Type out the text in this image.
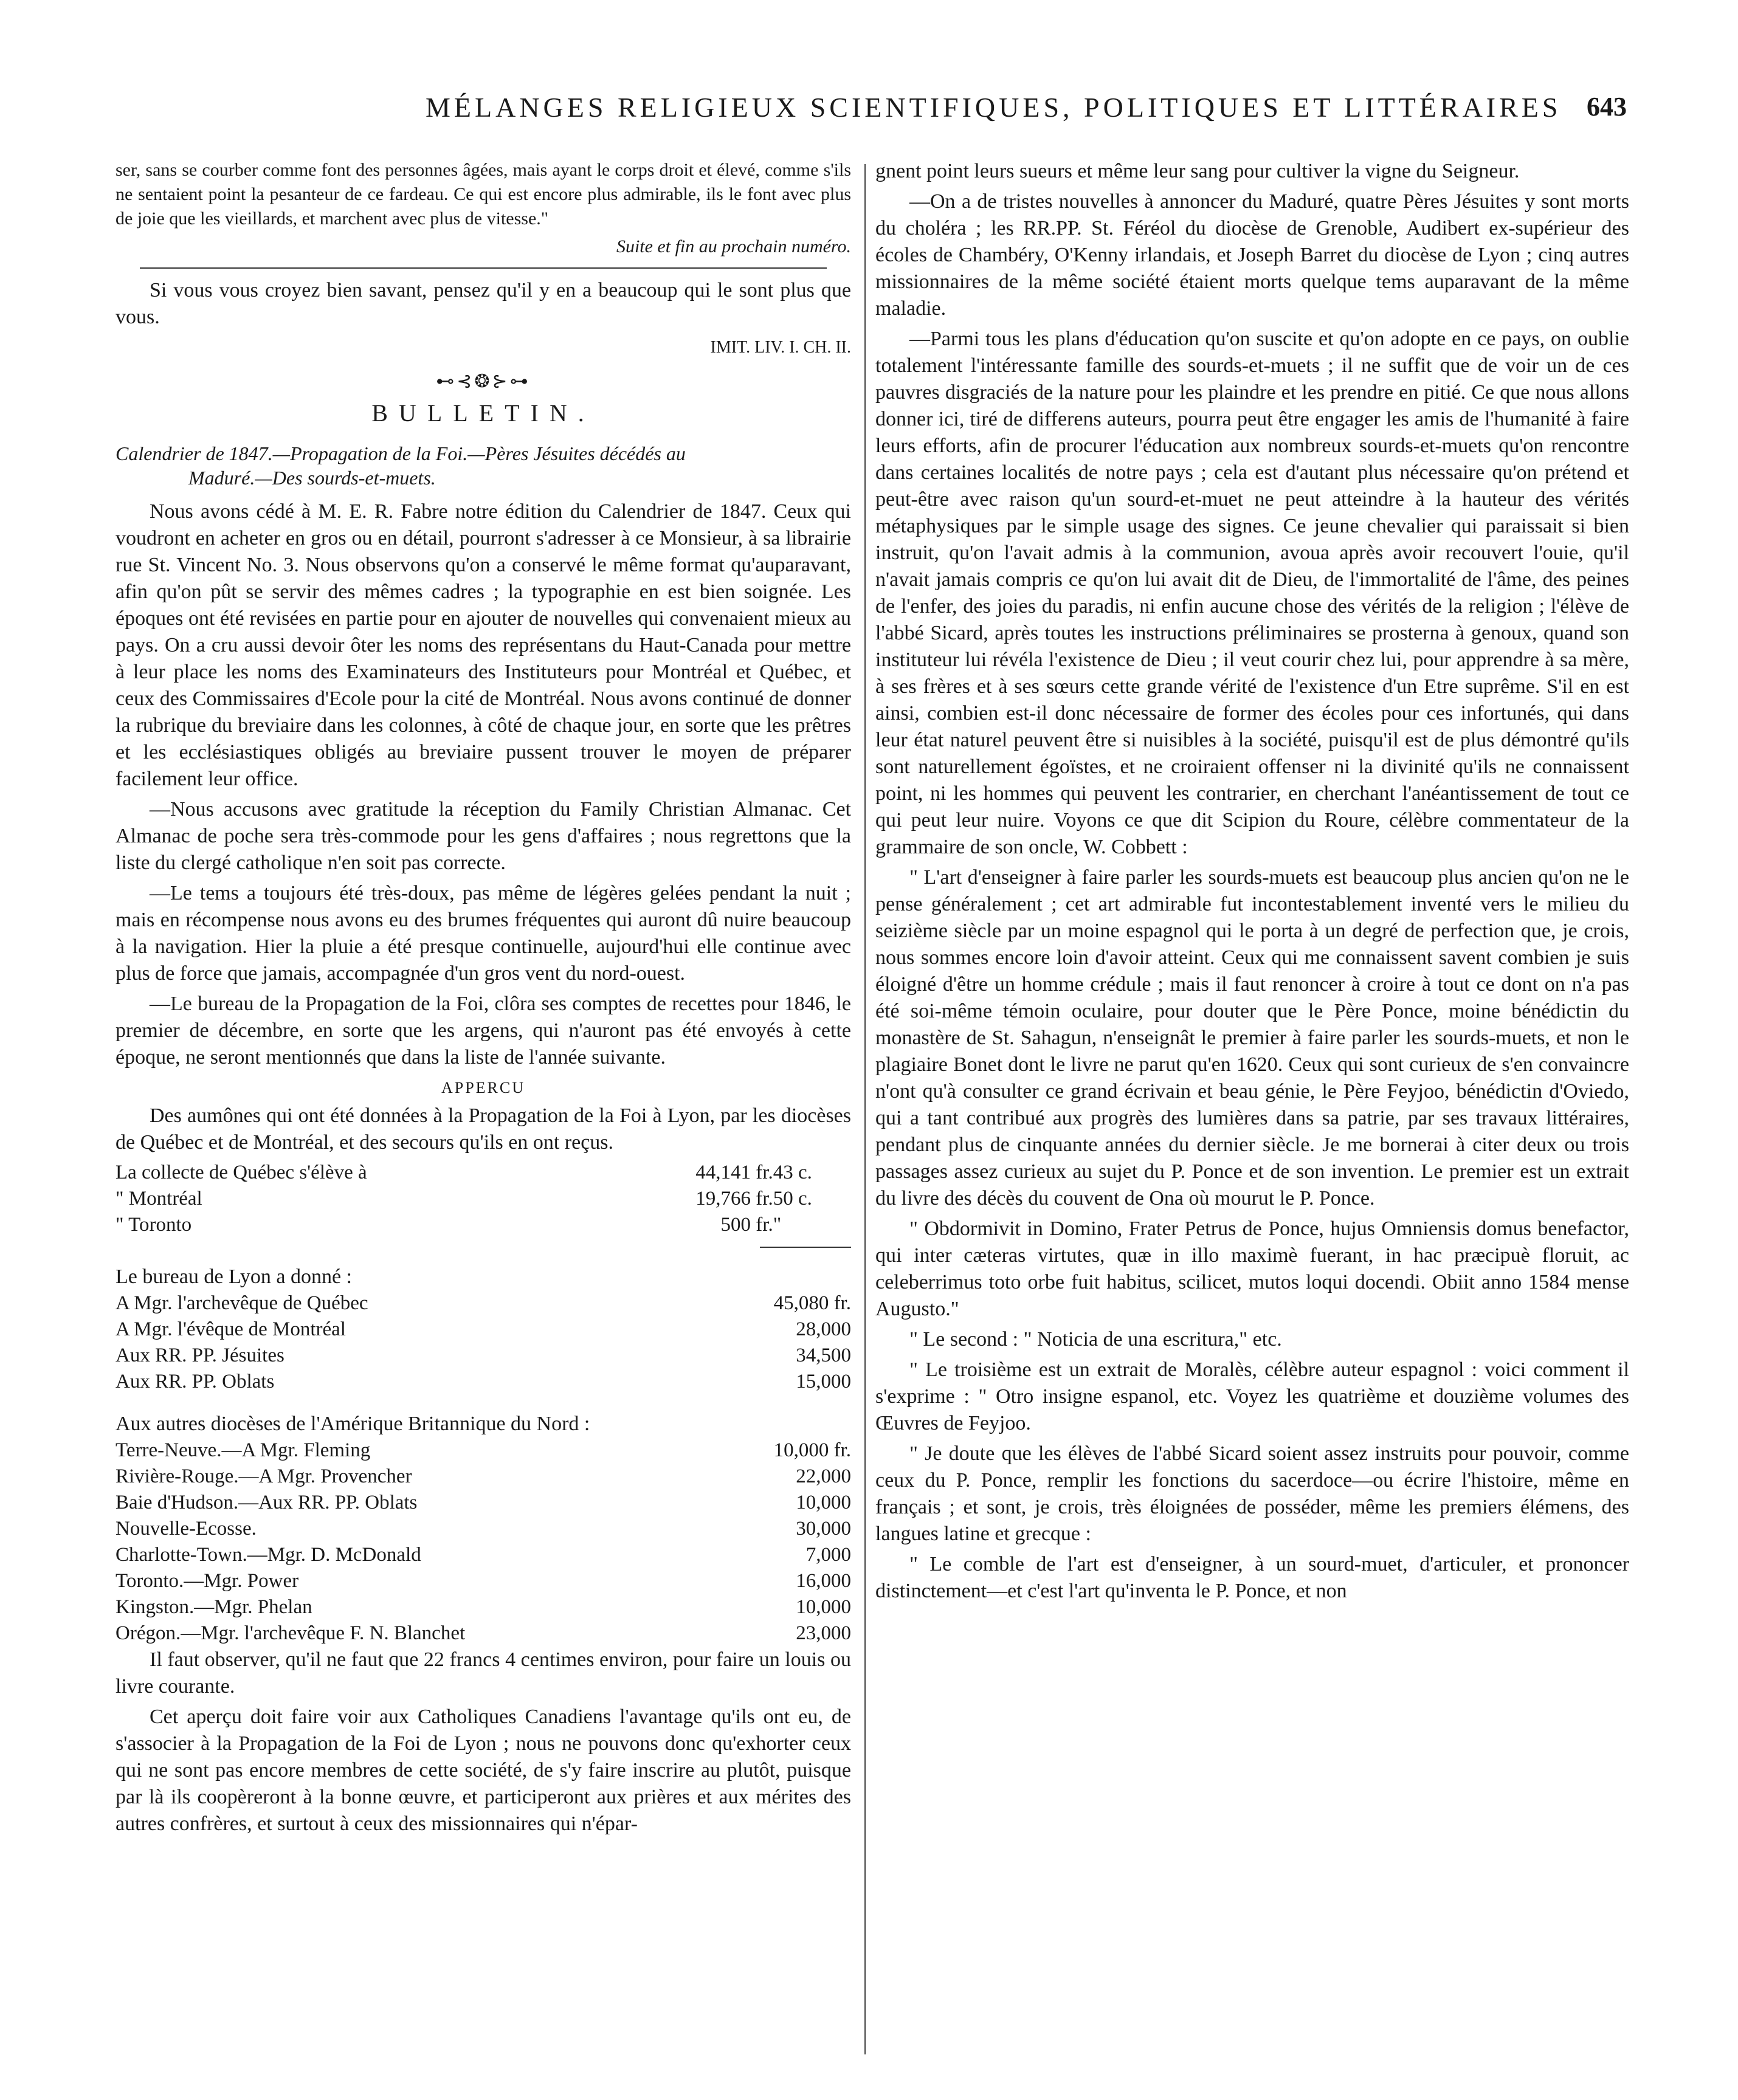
MÉLANGES RELIGIEUX SCIENTIFIQUES, POLITIQUES ET LITTÉRAIRES 643

ser, sans se courber comme font des personnes âgées, mais ayant le corps droit et élevé, comme s'ils ne sentaient point la pesanteur de ce fardeau. Ce qui est encore plus admirable, ils le font avec plus de joie que les vieillards, et marchent avec plus de vitesse."

Suite et fin au prochain numéro.

Si vous vous croyez bien savant, pensez qu'il y en a beaucoup qui le sont plus que vous.

IMIT. LIV. I. CH. II.
⊷⊰❂⊱⊶
BULLETIN.
Calendrier de 1847.—Propagation de la Foi.—Pères Jésuites décédés au
Maduré.—Des sourds-et-muets.

Nous avons cédé à M. E. R. Fabre notre édition du Calendrier de 1847. Ceux qui voudront en acheter en gros ou en détail, pourront s'adresser à ce Monsieur, à sa librairie rue St. Vincent No. 3. Nous observons qu'on a conservé le même format qu'auparavant, afin qu'on pût se servir des mêmes cadres ; la typographie en est bien soignée. Les époques ont été revisées en partie pour en ajouter de nouvelles qui convenaient mieux au pays. On a cru aussi devoir ôter les noms des représentans du Haut-Canada pour mettre à leur place les noms des Examinateurs des Instituteurs pour Montréal et Québec, et ceux des Commissaires d'Ecole pour la cité de Montréal. Nous avons continué de donner la rubrique du breviaire dans les colonnes, à côté de chaque jour, en sorte que les prêtres et les ecclésiastiques obligés au breviaire pussent trouver le moyen de préparer facilement leur office.

—Nous accusons avec gratitude la réception du Family Christian Almanac. Cet Almanac de poche sera très-commode pour les gens d'affaires ; nous regrettons que la liste du clergé catholique n'en soit pas correcte.

—Le tems a toujours été très-doux, pas même de légères gelées pendant la nuit ; mais en récompense nous avons eu des brumes fréquentes qui auront dû nuire beaucoup à la navigation. Hier la pluie a été presque continuelle, aujourd'hui elle continue avec plus de force que jamais, accompagnée d'un gros vent du nord-ouest.

—Le bureau de la Propagation de la Foi, clôra ses comptes de recettes pour 1846, le premier de décembre, en sorte que les argens, qui n'auront pas été envoyés à cette époque, ne seront mentionnés que dans la liste de l'année suivante.

APPERCU

Des aumônes qui ont été données à la Propagation de la Foi à Lyon, par les diocèses de Québec et de Montréal, et des secours qu'ils en ont reçus.

La collecte de Québec s'élève à	44,141 fr.	43 c.
" Montréal	19,766 fr.	50 c.
" Toronto	500 fr.	"
Le bureau de Lyon a donné :
A Mgr. l'archevêque de Québec	45,080 fr.	
A Mgr. l'évêque de Montréal	28,000	
Aux RR. PP. Jésuites	34,500	
Aux RR. PP. Oblats	15,000	
Aux autres diocèses de l'Amérique Britannique du Nord :
Terre-Neuve.—A Mgr. Fleming	10,000 fr.	
Rivière-Rouge.—A Mgr. Provencher	22,000	
Baie d'Hudson.—Aux RR. PP. Oblats	10,000	
Nouvelle-Ecosse.	30,000	
Charlotte-Town.—Mgr. D. McDonald	7,000	
Toronto.—Mgr. Power	16,000	
Kingston.—Mgr. Phelan	10,000	
Orégon.—Mgr. l'archevêque F. N. Blanchet	23,000	

Il faut observer, qu'il ne faut que 22 francs 4 centimes environ, pour faire un louis ou livre courante.

Cet aperçu doit faire voir aux Catholiques Canadiens l'avantage qu'ils ont eu, de s'associer à la Propagation de la Foi de Lyon ; nous ne pouvons donc qu'exhorter ceux qui ne sont pas encore membres de cette société, de s'y faire inscrire au plutôt, puisque par là ils coopèreront à la bonne œuvre, et participeront aux prières et aux mérites des autres confrères, et surtout à ceux des missionnaires qui n'épar-

gnent point leurs sueurs et même leur sang pour cultiver la vigne du Seigneur.

—On a de tristes nouvelles à annoncer du Maduré, quatre Pères Jésuites y sont morts du choléra ; les RR.PP. St. Féréol du diocèse de Grenoble, Audibert ex-supérieur des écoles de Chambéry, O'Kenny irlandais, et Joseph Barret du diocèse de Lyon ; cinq autres missionnaires de la même société étaient morts quelque tems auparavant de la même maladie.

—Parmi tous les plans d'éducation qu'on suscite et qu'on adopte en ce pays, on oublie totalement l'intéressante famille des sourds-et-muets ; il ne suffit que de voir un de ces pauvres disgraciés de la nature pour les plaindre et les prendre en pitié. Ce que nous allons donner ici, tiré de differens auteurs, pourra peut être engager les amis de l'humanité à faire leurs efforts, afin de procurer l'éducation aux nombreux sourds-et-muets qu'on rencontre dans certaines localités de notre pays ; cela est d'autant plus nécessaire qu'on prétend et peut-être avec raison qu'un sourd-et-muet ne peut atteindre à la hauteur des vérités métaphysiques par le simple usage des signes. Ce jeune chevalier qui paraissait si bien instruit, qu'on l'avait admis à la communion, avoua après avoir recouvert l'ouie, qu'il n'avait jamais compris ce qu'on lui avait dit de Dieu, de l'immortalité de l'âme, des peines de l'enfer, des joies du paradis, ni enfin aucune chose des vérités de la religion ; l'élève de l'abbé Sicard, après toutes les instructions préliminaires se prosterna à genoux, quand son instituteur lui révéla l'existence de Dieu ; il veut courir chez lui, pour apprendre à sa mère, à ses frères et à ses sœurs cette grande vérité de l'existence d'un Etre suprême. S'il en est ainsi, combien est-il donc nécessaire de former des écoles pour ces infortunés, qui dans leur état naturel peuvent être si nuisibles à la société, puisqu'il est de plus démontré qu'ils sont naturellement égoïstes, et ne croiraient offenser ni la divinité qu'ils ne connaissent point, ni les hommes qui peuvent les contrarier, en cherchant l'anéantissement de tout ce qui peut leur nuire. Voyons ce que dit Scipion du Roure, célèbre commentateur de la grammaire de son oncle, W. Cobbett :

" L'art d'enseigner à faire parler les sourds-muets est beaucoup plus ancien qu'on ne le pense généralement ; cet art admirable fut incontestablement inventé vers le milieu du seizième siècle par un moine espagnol qui le porta à un degré de perfection que, je crois, nous sommes encore loin d'avoir atteint. Ceux qui me connaissent savent combien je suis éloigné d'être un homme crédule ; mais il faut renoncer à croire à tout ce dont on n'a pas été soi-même témoin oculaire, pour douter que le Père Ponce, moine bénédictin du monastère de St. Sahagun, n'enseignât le premier à faire parler les sourds-muets, et non le plagiaire Bonet dont le livre ne parut qu'en 1620. Ceux qui sont curieux de s'en convaincre n'ont qu'à consulter ce grand écrivain et beau génie, le Père Feyjoo, bénédictin d'Oviedo, qui a tant contribué aux progrès des lumières dans sa patrie, par ses travaux littéraires, pendant plus de cinquante années du dernier siècle. Je me bornerai à citer deux ou trois passages assez curieux au sujet du P. Ponce et de son invention. Le premier est un extrait du livre des décès du couvent de Ona où mourut le P. Ponce.

" Obdormivit in Domino, Frater Petrus de Ponce, hujus Omniensis domus benefactor, qui inter cæteras virtutes, quæ in illo maximè fuerant, in hac præcipuè floruit, ac celeberrimus toto orbe fuit habitus, scilicet, mutos loqui docendi. Obiit anno 1584 mense Augusto."

" Le second : " Noticia de una escritura," etc.

" Le troisième est un extrait de Moralès, célèbre auteur espagnol : voici comment il s'exprime : " Otro insigne espanol, etc. Voyez les quatrième et douzième volumes des Œuvres de Feyjoo.

" Je doute que les élèves de l'abbé Sicard soient assez instruits pour pouvoir, comme ceux du P. Ponce, remplir les fonctions du sacerdoce—ou écrire l'histoire, même en français ; et sont, je crois, très éloignées de posséder, même les premiers élémens, des langues latine et grecque :

" Le comble de l'art est d'enseigner, à un sourd-muet, d'articuler, et prononcer distinctement—et c'est l'art qu'inventa le P. Ponce, et non
